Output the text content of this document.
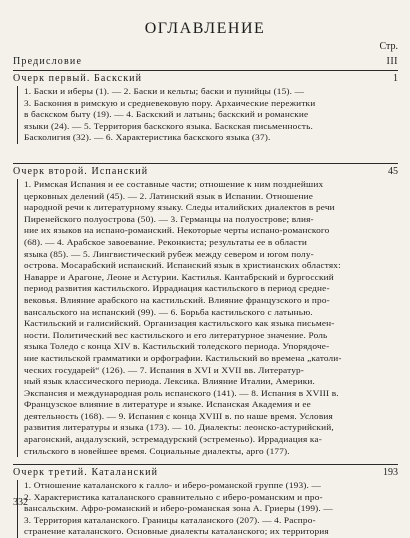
ОГЛАВЛЕНИЕ
Стр.
Предисловие	III
Очерк первый. Баскский	1
1. Баски и иберы (1). — 2. Баски и кельты; баски и пунийцы (15). —
3. Баскония в римскую и средневековую пору. Архаические пережитки
в баскском быту (19). — 4. Баскский и латынь; баскский и романские
языки (24). — 5. Территория баскского языка. Баскская письменность.
Басколигия (32). — 6. Характеристика баскского языка (37).
Очерк второй. Испанский	45
1. Римская Испания и ее составные части; отношение к ним позднейших
церковных делений (45). — 2. Латинский язык в Испании. Отношение
народной речи к литературному языку. Следы италийских диалектов в речи
Пиренейского полуострова (50). — 3. Германцы на полуострове; влия-
ние их языков на испано-романский. Некоторые черты испано-романского
(68). — 4. Арабское завоевание. Реконкиста; результаты ее в области
языка (85). — 5. Лингвистический рубеж между севером и югом полу-
острова. Мосарабский испанский. Испанский язык в христианских областях:
Наварре и Арагоне, Леоне и Астурии. Кастилья. Кантабрский и бургосский
период развития кастильского. Иррадиация кастильского в период средне-
вековья. Влияние арабского на кастильский. Влияние французского и про-
вансальского на испанский (99). — 6. Борьба кастильского с латынью.
Кастильский и галисийский. Организация кастильского как языка письмен-
ности. Политический вес кастильского и его литературное значение. Роль
языка Толедо с конца XIV в. Кастильский толедского периода. Упорядоче-
ние кастильской грамматики и орфографии. Кастильский во времена „католи-
ческих государей“ (126). — 7. Испания в XVI и XVII вв. Литератур-
ный язык классического периода. Лексика. Влияние Италии, Америки.
Экспансия и международная роль испанского (141). — 8. Испания в XVIII в.
Французское влияние в литературе и языке. Испанская Академия и ее
деятельность (168). — 9. Испания с конца XVIII в. по наше время. Условия
развития литературы и языка (173). — 10. Диалекты: леонско-астурийский,
арагонский, андалузский, эстремадурский (эстременьо). Иррадиация ка-
стильского в новейшее время. Социальные диалекты, арго (177).
Очерк третий. Каталанский	193
1. Отношение каталанского к галло- и иберо-романской группе (193). —
2. Характеристика каталанского сравнительно с иберо-романским и про-
вансальским. Афро-романский и иберо-романская зона А. Гриеры (199). —
3. Территория каталанского. Границы каталанского (207). — 4. Распро-
странение каталанского. Основные диалекты каталанского; их территория
332
